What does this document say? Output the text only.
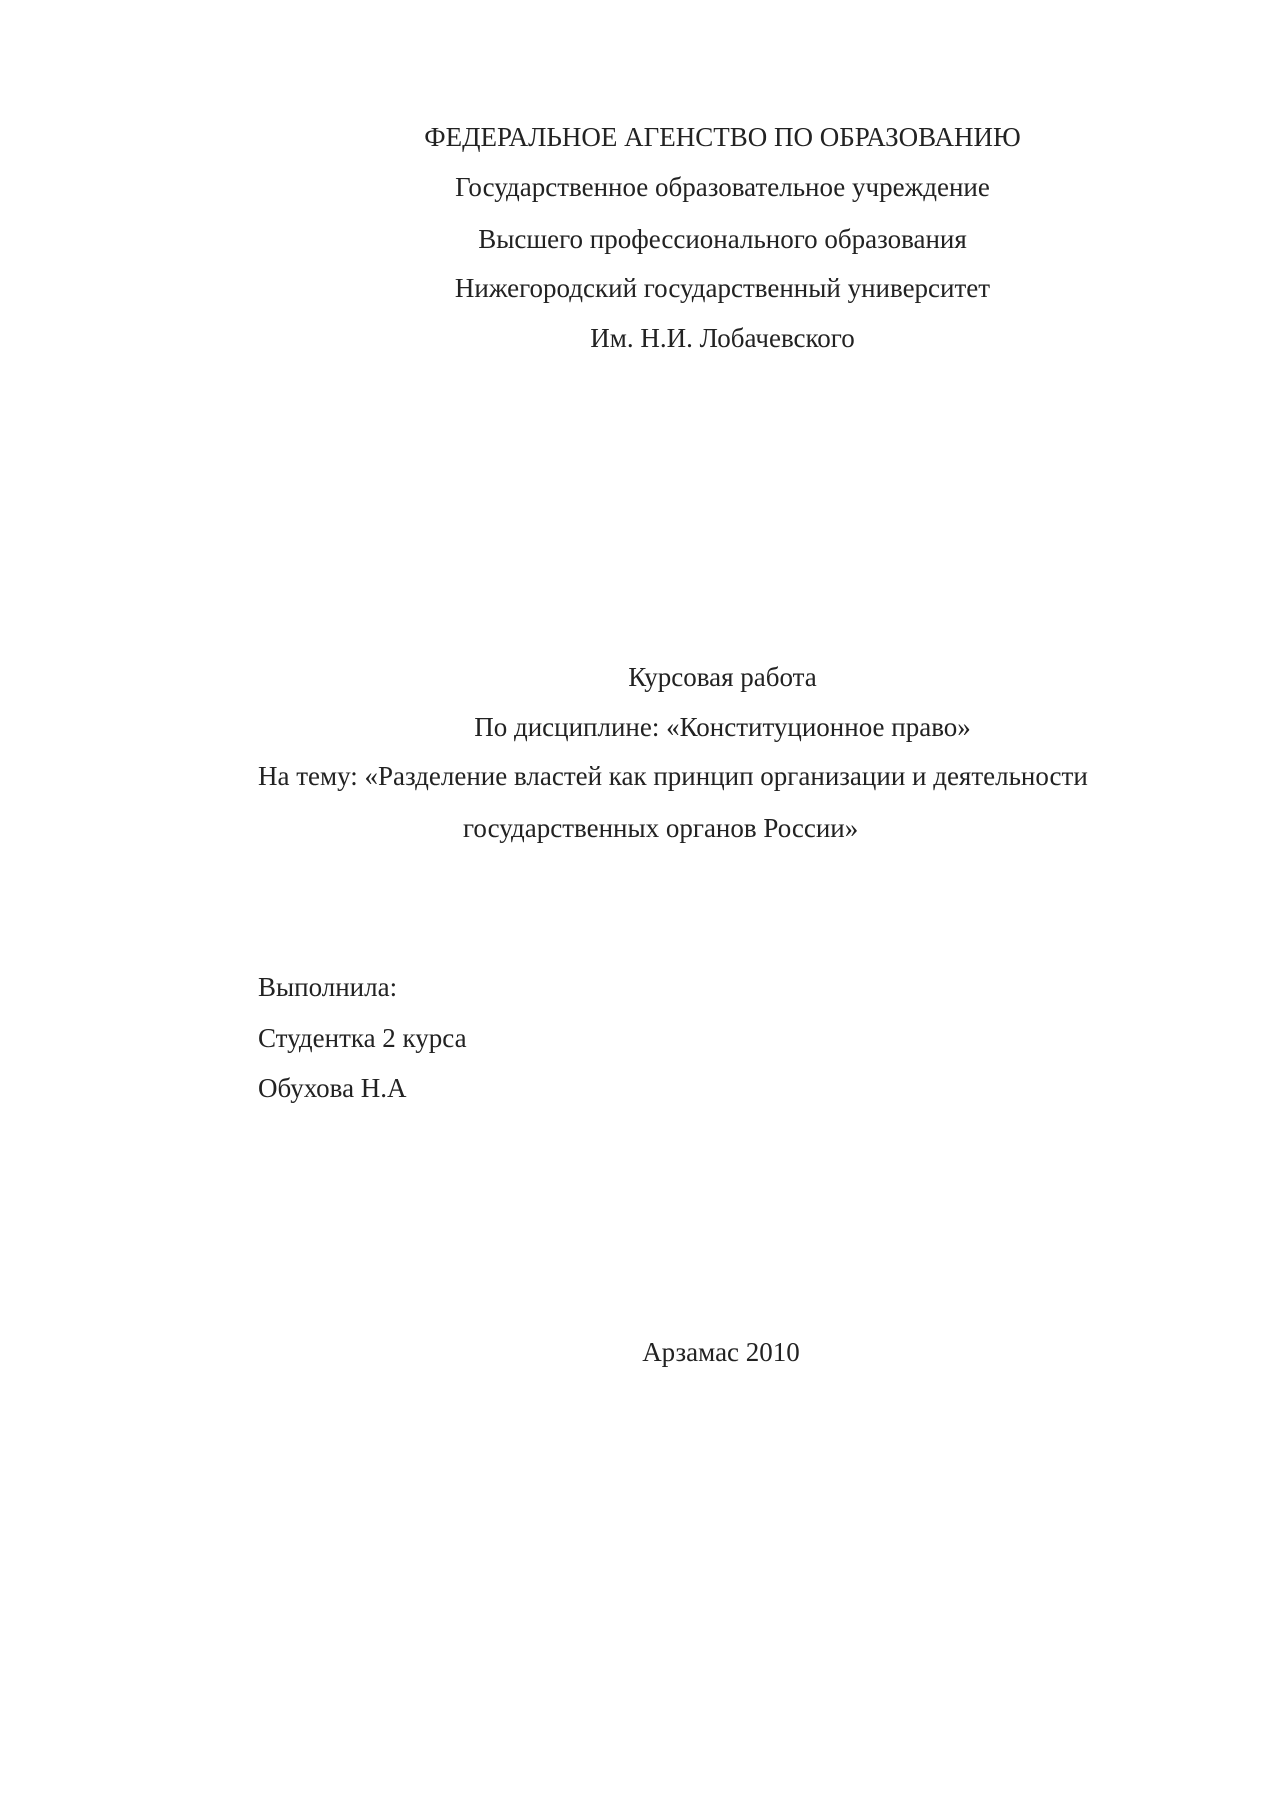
ФЕДЕРАЛЬНОЕ АГЕНСТВО ПО ОБРАЗОВАНИЮ
Государственное образовательное учреждение
Высшего профессионального образования
Нижегородский государственный университет
Им. Н.И. Лобачевского
Курсовая работа
По дисциплине: «Конституционное право»
На тему: «Разделение властей как принцип организации и деятельности
государственных органов России»
Выполнила:
Студентка 2 курса
Обухова Н.А
Арзамас 2010
